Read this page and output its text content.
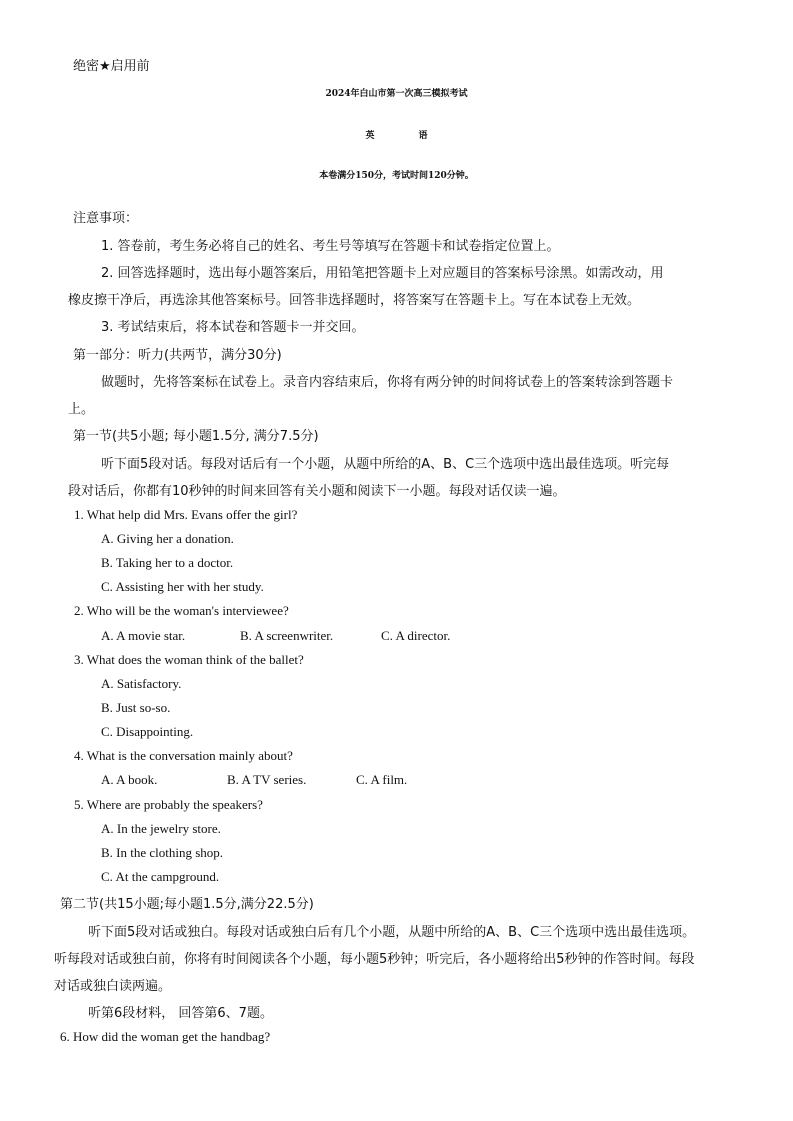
绝密★启用前
2024年白山市第一次高三模拟考试
英	语
本卷满分150分，考试时间120分钟。
注意事项：
1. 答卷前，考生务必将自己的姓名、考生号等填写在答题卡和试卷指定位置上。
2. 回答选择题时，选出每小题答案后，用铅笔把答题卡上对应题目的答案标号涂黑。如需改动，用
橡皮擦干净后，再选涂其他答案标号。回答非选择题时，将答案写在答题卡上。写在本试卷上无效。
3. 考试结束后，将本试卷和答题卡一并交回。
第一部分：听力(共两节，满分30分)
做题时，先将答案标在试卷上。录音内容结束后，你将有两分钟的时间将试卷上的答案转涂到答题卡
上。
第一节(共5小题; 每小题1.5分, 满分7.5分)
听下面5段对话。每段对话后有一个小题，从题中所给的A、B、C三个选项中选出最佳选项。听完每
段对话后，你都有10秒钟的时间来回答有关小题和阅读下一小题。每段对话仅读一遍。
1. What help did Mrs. Evans offer the girl?
A. Giving her a donation.
B. Taking her to a doctor.
C. Assisting her with her study.
2. Who will be the woman's interviewee?
A. A movie star.	B. A screenwriter.	C. A director.
3. What does the woman think of the ballet?
A. Satisfactory.
B. Just so-so.
C. Disappointing.
4. What is the conversation mainly about?
A. A book.	B. A TV series.	C. A film.
5. Where are probably the speakers?
A. In the jewelry store.
B. In the clothing shop.
C. At the campground.
第二节(共15小题;每小题1.5分,满分22.5分)
听下面5段对话或独白。每段对话或独白后有几个小题，从题中所给的A、B、C三个选项中选出最佳选项。
听每段对话或独白前，你将有时间阅读各个小题，每小题5秒钟；听完后，各小题将给出5秒钟的作答时间。每段
对话或独白读两遍。
听第6段材料， 回答第6、7题。
6. How did the woman get the handbag?
